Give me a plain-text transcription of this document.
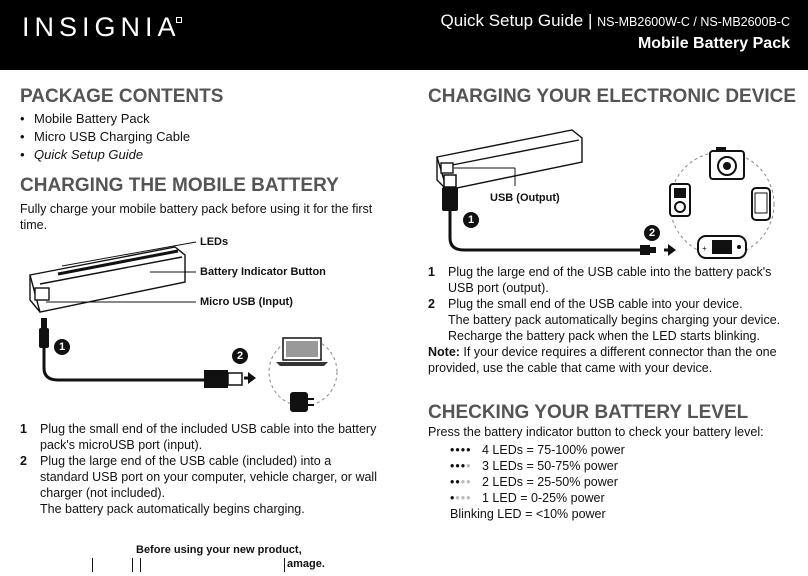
INSIGNIA	Quick Setup Guide | NS-MB2600W-C / NS-MB2600B-C
Mobile Battery Pack
PACKAGE CONTENTS
• Mobile Battery Pack
• Micro USB Charging Cable
• Quick Setup Guide
CHARGING THE MOBILE BATTERY
Fully charge your mobile battery pack before using it for the first time.
LEDs
Battery Indicator Button
Micro USB (Input)
1
2
1 Plug the small end of the included USB cable into the battery pack's microUSB port (input).
2 Plug the large end of the USB cable (included) into a standard USB port on your computer, vehicle charger, or wall charger (not included).
The battery pack automatically begins charging.
Before using your new product,
amage.
CHARGING YOUR ELECTRONIC DEVICE
+
USB (Output)
1
2
1 Plug the large end of the USB cable into the battery pack's USB port (output).
2 Plug the small end of the USB cable into your device.
The battery pack automatically begins charging your device. Recharge the battery pack when the LED starts blinking.
Note: If your device requires a different connector than the one provided, use the cable that came with your device.
CHECKING YOUR BATTERY LEVEL
Press the battery indicator button to check your battery level:
•••• 4 LEDs = 75-100% power
•••• 3 LEDs = 50-75% power
•••• 2 LEDs = 25-50% power
•••• 1 LED = 0-25% power
Blinking LED = <10% power
